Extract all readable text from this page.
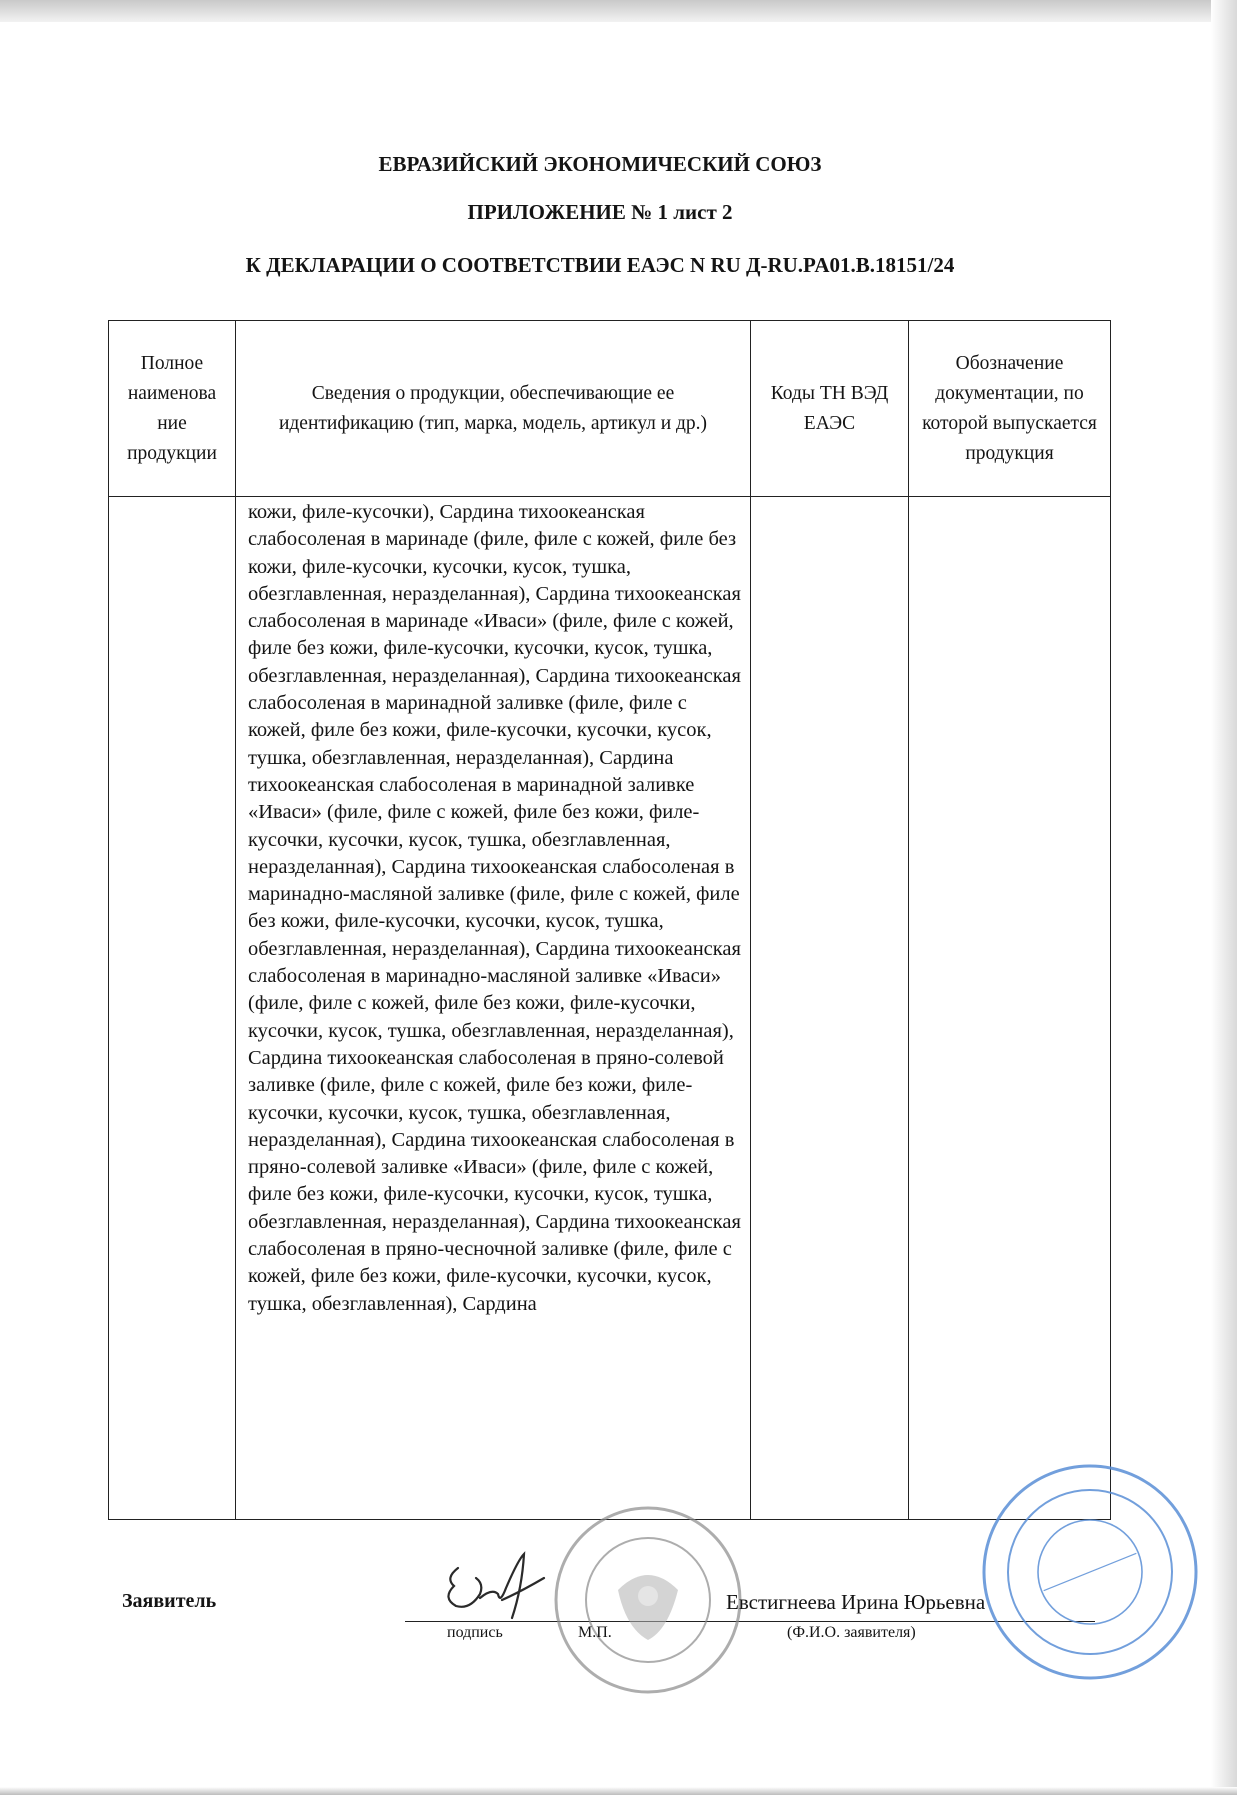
ЕВРАЗИЙСКИЙ ЭКОНОМИЧЕСКИЙ СОЮЗ
ПРИЛОЖЕНИЕ № 1 лист 2
К ДЕКЛАРАЦИИ О СООТВЕТСТВИИ ЕАЭС N RU Д-RU.PA01.В.18151/24
Полное наименова ние продукции	Сведения о продукции, обеспечивающие ее идентификацию (тип, марка, модель, артикул и др.)	Коды ТН ВЭД ЕАЭС	Обозначение документации, по которой выпускается продукция
	кожи, филе-кусочки), Сардина тихоокеанская слабосоленая в маринаде (филе, филе с кожей, филе без кожи, филе-кусочки, кусочки, кусок, тушка, обезглавленная, неразделанная), Сардина тихоокеанская слабосоленая в маринаде «Иваси» (филе, филе с кожей, филе без кожи, филе-кусочки, кусочки, кусок, тушка, обезглавленная, неразделанная), Сардина тихоокеанская слабосоленая в маринадной заливке (филе, филе с кожей, филе без кожи, филе-кусочки, кусочки, кусок, тушка, обезглавленная, неразделанная), Сардина тихоокеанская слабосоленая в маринадной заливке «Иваси» (филе, филе с кожей, филе без кожи, филе-кусочки, кусочки, кусок, тушка, обезглавленная, неразделанная), Сардина тихоокеанская слабосоленая в маринадно-масляной заливке (филе, филе с кожей, филе без кожи, филе-кусочки, кусочки, кусок, тушка, обезглавленная, неразделанная), Сардина тихоокеанская слабосоленая в маринадно-масляной заливке «Иваси» (филе, филе с кожей, филе без кожи, филе-кусочки, кусочки, кусок, тушка, обезглавленная, неразделанная), Сардина тихоокеанская слабосоленая в пряно-солевой заливке (филе, филе с кожей, филе без кожи, филе-кусочки, кусочки, кусок, тушка, обезглавленная, неразделанная), Сардина тихоокеанская слабосоленая в пряно-солевой заливке «Иваси» (филе, филе с кожей, филе без кожи, филе-кусочки, кусочки, кусок, тушка, обезглавленная, неразделанная), Сардина тихоокеанская слабосоленая в пряно-чесночной заливке (филе, филе с кожей, филе без кожи, филе-кусочки, кусочки, кусок, тушка, обезглавленная), Сардина		
Заявитель	Евстигнеева Ирина Юрьевна
подпись	М.П.	(Ф.И.О. заявителя)
